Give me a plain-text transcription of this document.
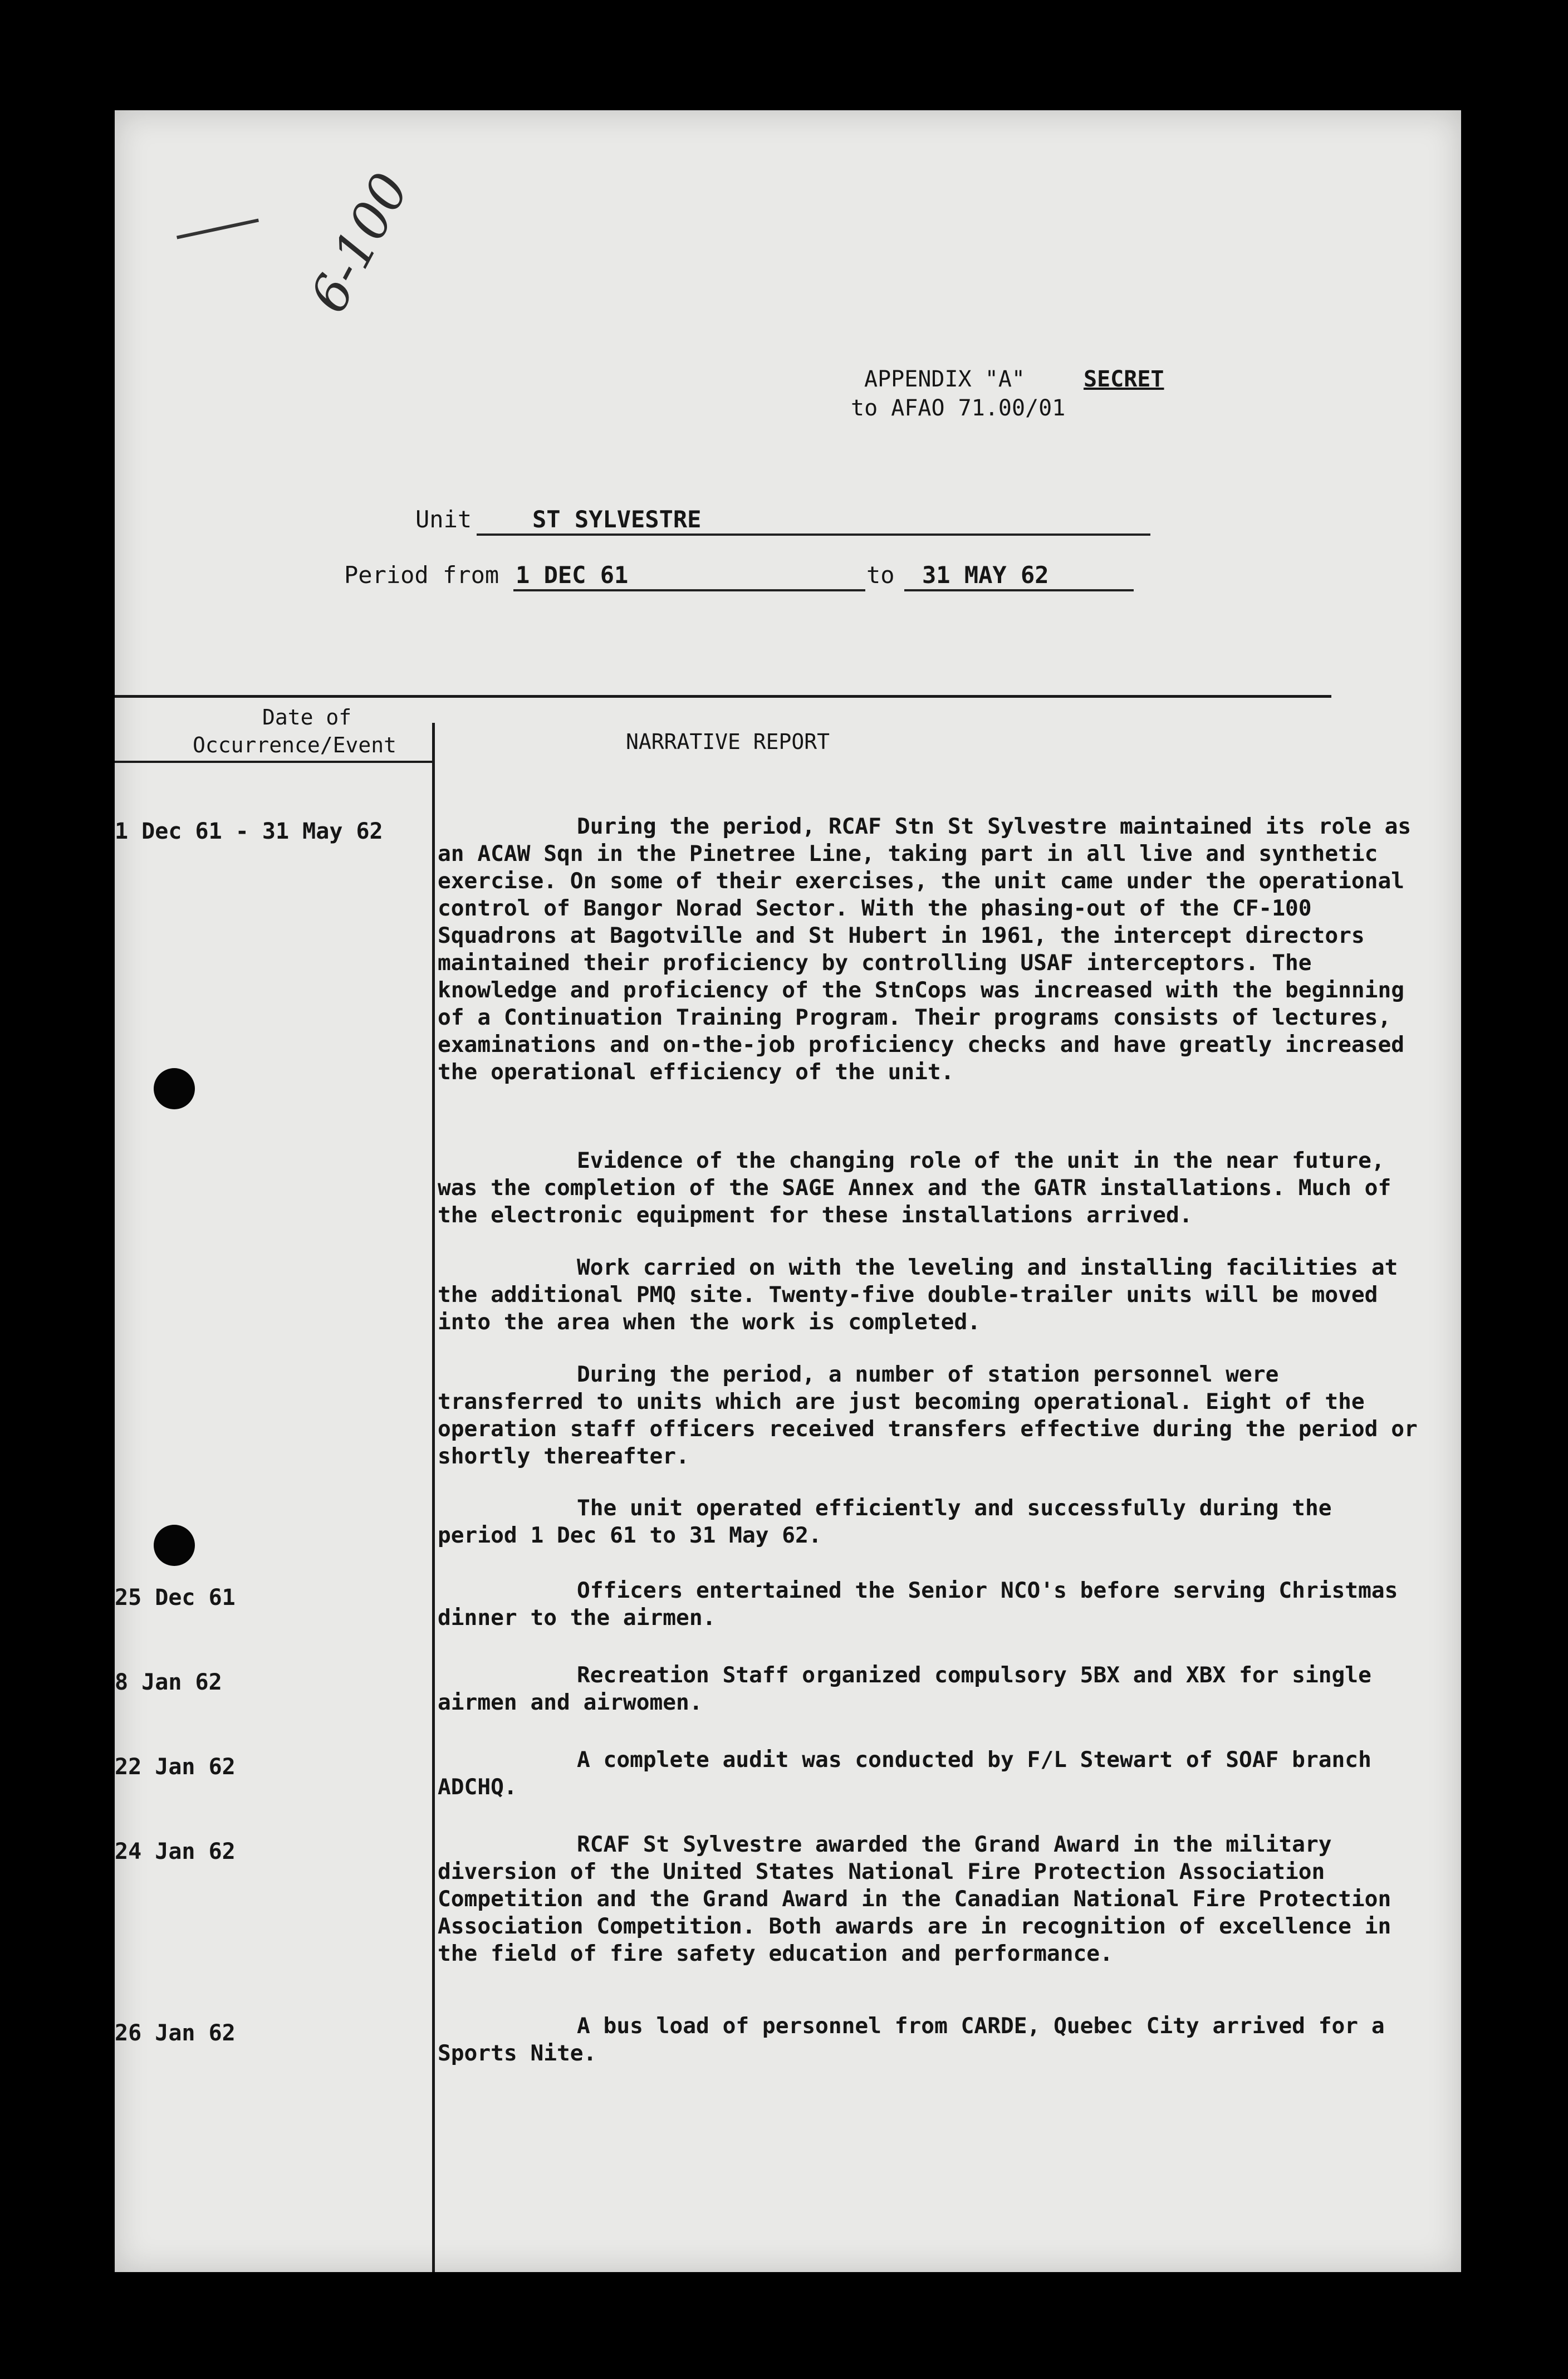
6-100
APPENDIX "A"	SECRET
to AFAO 71.00/01
Unit	ST SYLVESTRE
Period from 1 DEC 61	to 31 MAY 62
Date of
Occurrence/Event	NARRATIVE REPORT
1 Dec 61 - 31 May 62	During the period, RCAF Stn St Sylvestre maintained its role as an ACAW Sqn in the Pinetree Line, taking part in all live and synthetic exercise. On some of their exercises, the unit came under the operational control of Bangor Norad Sector. With the phasing-out of the CF-100 Squadrons at Bagotville and St Hubert in 1961, the intercept directors maintained their proficiency by controlling USAF interceptors. The knowledge and proficiency of the StnCops was increased with the beginning of a Continuation Training Program. Their programs consists of lectures, examinations and on-the-job proficiency checks and have greatly increased the operational efficiency of the unit.

Evidence of the changing role of the unit in the near future, was the completion of the SAGE Annex and the GATR installations. Much of the electronic equipment for these installations arrived.

Work carried on with the leveling and installing facilities at the additional PMQ site. Twenty-five double-trailer units will be moved into the area when the work is completed.

During the period, a number of station personnel were transferred to units which are just becoming operational. Eight of the operation staff officers received transfers effective during the period or shortly thereafter.

The unit operated efficiently and successfully during the period 1 Dec 61 to 31 May 62.

25 Dec 61	Officers entertained the Senior NCO's before serving Christmas dinner to the airmen.

8 Jan 62	Recreation Staff organized compulsory 5BX and XBX for single airmen and airwomen.

22 Jan 62	A complete audit was conducted by F/L Stewart of SOAF branch ADCHQ.

24 Jan 62	RCAF St Sylvestre awarded the Grand Award in the military diversion of the United States National Fire Protection Association Competition and the Grand Award in the Canadian National Fire Protection Association Competition. Both awards are in recognition of excellence in the field of fire safety education and performance.

26 Jan 62	A bus load of personnel from CARDE, Quebec City arrived for a Sports Nite.
